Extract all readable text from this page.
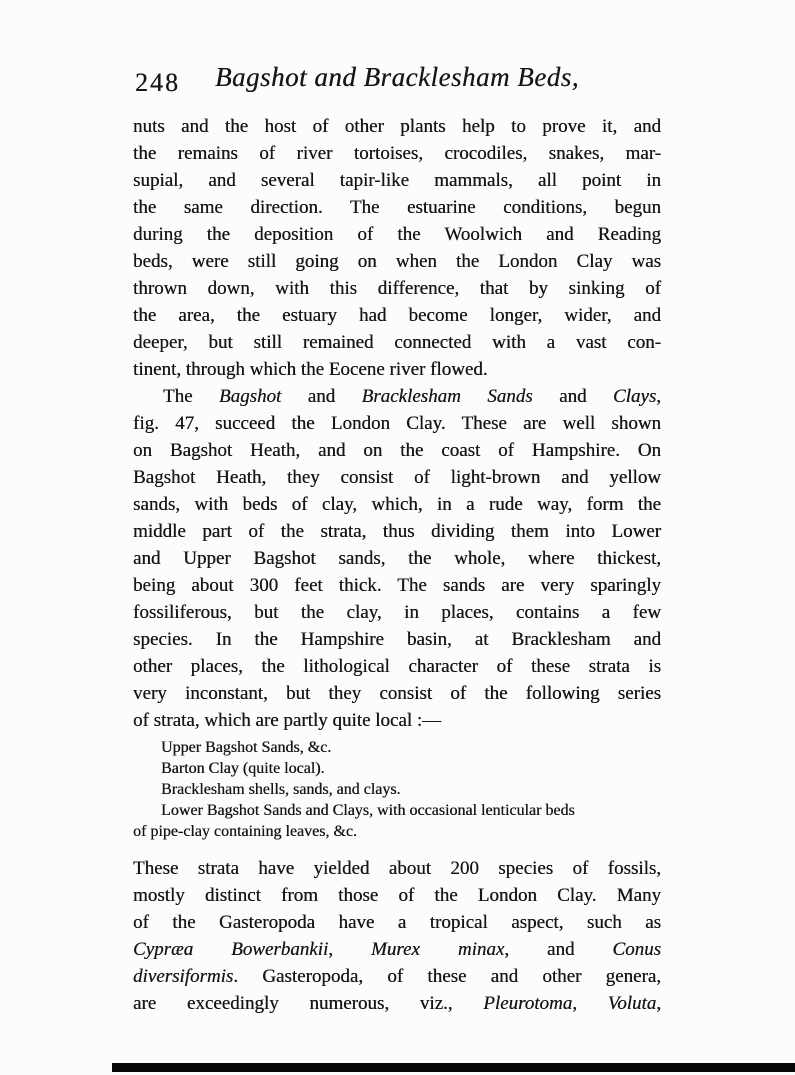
248 Bagshot and Bracklesham Beds,
nuts and the host of other plants help to prove it, and
the remains of river tortoises, crocodiles, snakes, mar-
supial, and several tapir-like mammals, all point in
the same direction. The estuarine conditions, begun
during the deposition of the Woolwich and Reading
beds, were still going on when the London Clay was
thrown down, with this difference, that by sinking of
the area, the estuary had become longer, wider, and
deeper, but still remained connected with a vast con-
tinent, through which the Eocene river flowed.
The Bagshot and Bracklesham Sands and Clays,
fig. 47, succeed the London Clay. These are well shown
on Bagshot Heath, and on the coast of Hampshire. On
Bagshot Heath, they consist of light-brown and yellow
sands, with beds of clay, which, in a rude way, form the
middle part of the strata, thus dividing them into Lower
and Upper Bagshot sands, the whole, where thickest,
being about 300 feet thick. The sands are very sparingly
fossiliferous, but the clay, in places, contains a few
species. In the Hampshire basin, at Bracklesham and
other places, the lithological character of these strata is
very inconstant, but they consist of the following series
of strata, which are partly quite local :—
Upper Bagshot Sands, &c.
Barton Clay (quite local).
Bracklesham shells, sands, and clays.
Lower Bagshot Sands and Clays, with occasional lenticular beds
of pipe-clay containing leaves, &c.
These strata have yielded about 200 species of fossils,
mostly distinct from those of the London Clay. Many
of the Gasteropoda have a tropical aspect, such as
Cypræa Bowerbankii, Murex minax, and Conus
diversiformis. Gasteropoda, of these and other genera,
are exceedingly numerous, viz., Pleurotoma, Voluta,
